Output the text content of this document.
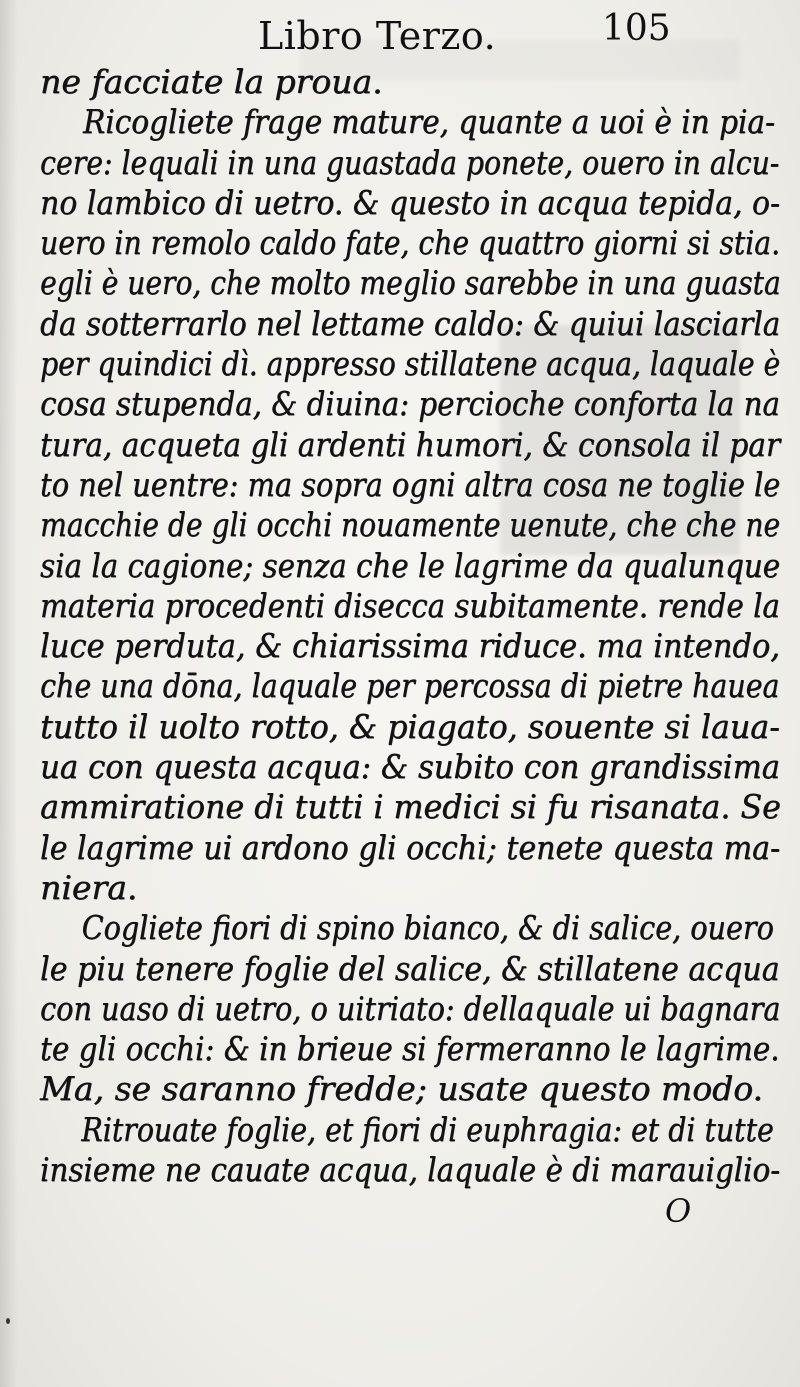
Libro Terzo.	105
ne facciate la proua.
Ricogliete frage mature, quante a uoi è in pia-
cere: lequali in una guastada ponete, ouero in alcu-
no lambico di uetro. & questo in acqua tepida, o-
uero in remolo caldo fate, che quattro giorni si stia.
egli è uero, che molto meglio sarebbe in una guasta
da sotterrarlo nel lettame caldo: & quiui lasciarla
per quindici dì. appresso stillatene acqua, laquale è
cosa stupenda, & diuina: percioche conforta la na
tura, acqueta gli ardenti humori, & consola il par
to nel uentre: ma sopra ogni altra cosa ne toglie le
macchie de gli occhi nouamente uenute, che che ne
sia la cagione; senza che le lagrime da qualunque
materia procedenti disecca subitamente. rende la
luce perduta, & chiarissima riduce. ma intendo,
che una dōna, laquale per percossa di pietre hauea
tutto il uolto rotto, & piagato, souente si laua-
ua con questa acqua: & subito con grandissima
ammiratione di tutti i medici si fu risanata. Se
le lagrime ui ardono gli occhi; tenete questa ma-
niera.
Cogliete fiori di spino bianco, & di salice, ouero
le piu tenere foglie del salice, & stillatene acqua
con uaso di uetro, o uitriato: dellaquale ui bagnara
te gli occhi: & in brieue si fermeranno le lagrime.
Ma, se saranno fredde; usate questo modo.
Ritrouate foglie, et fiori di euphragia: et di tutte
insieme ne cauate acqua, laquale è di marauiglio-
O
